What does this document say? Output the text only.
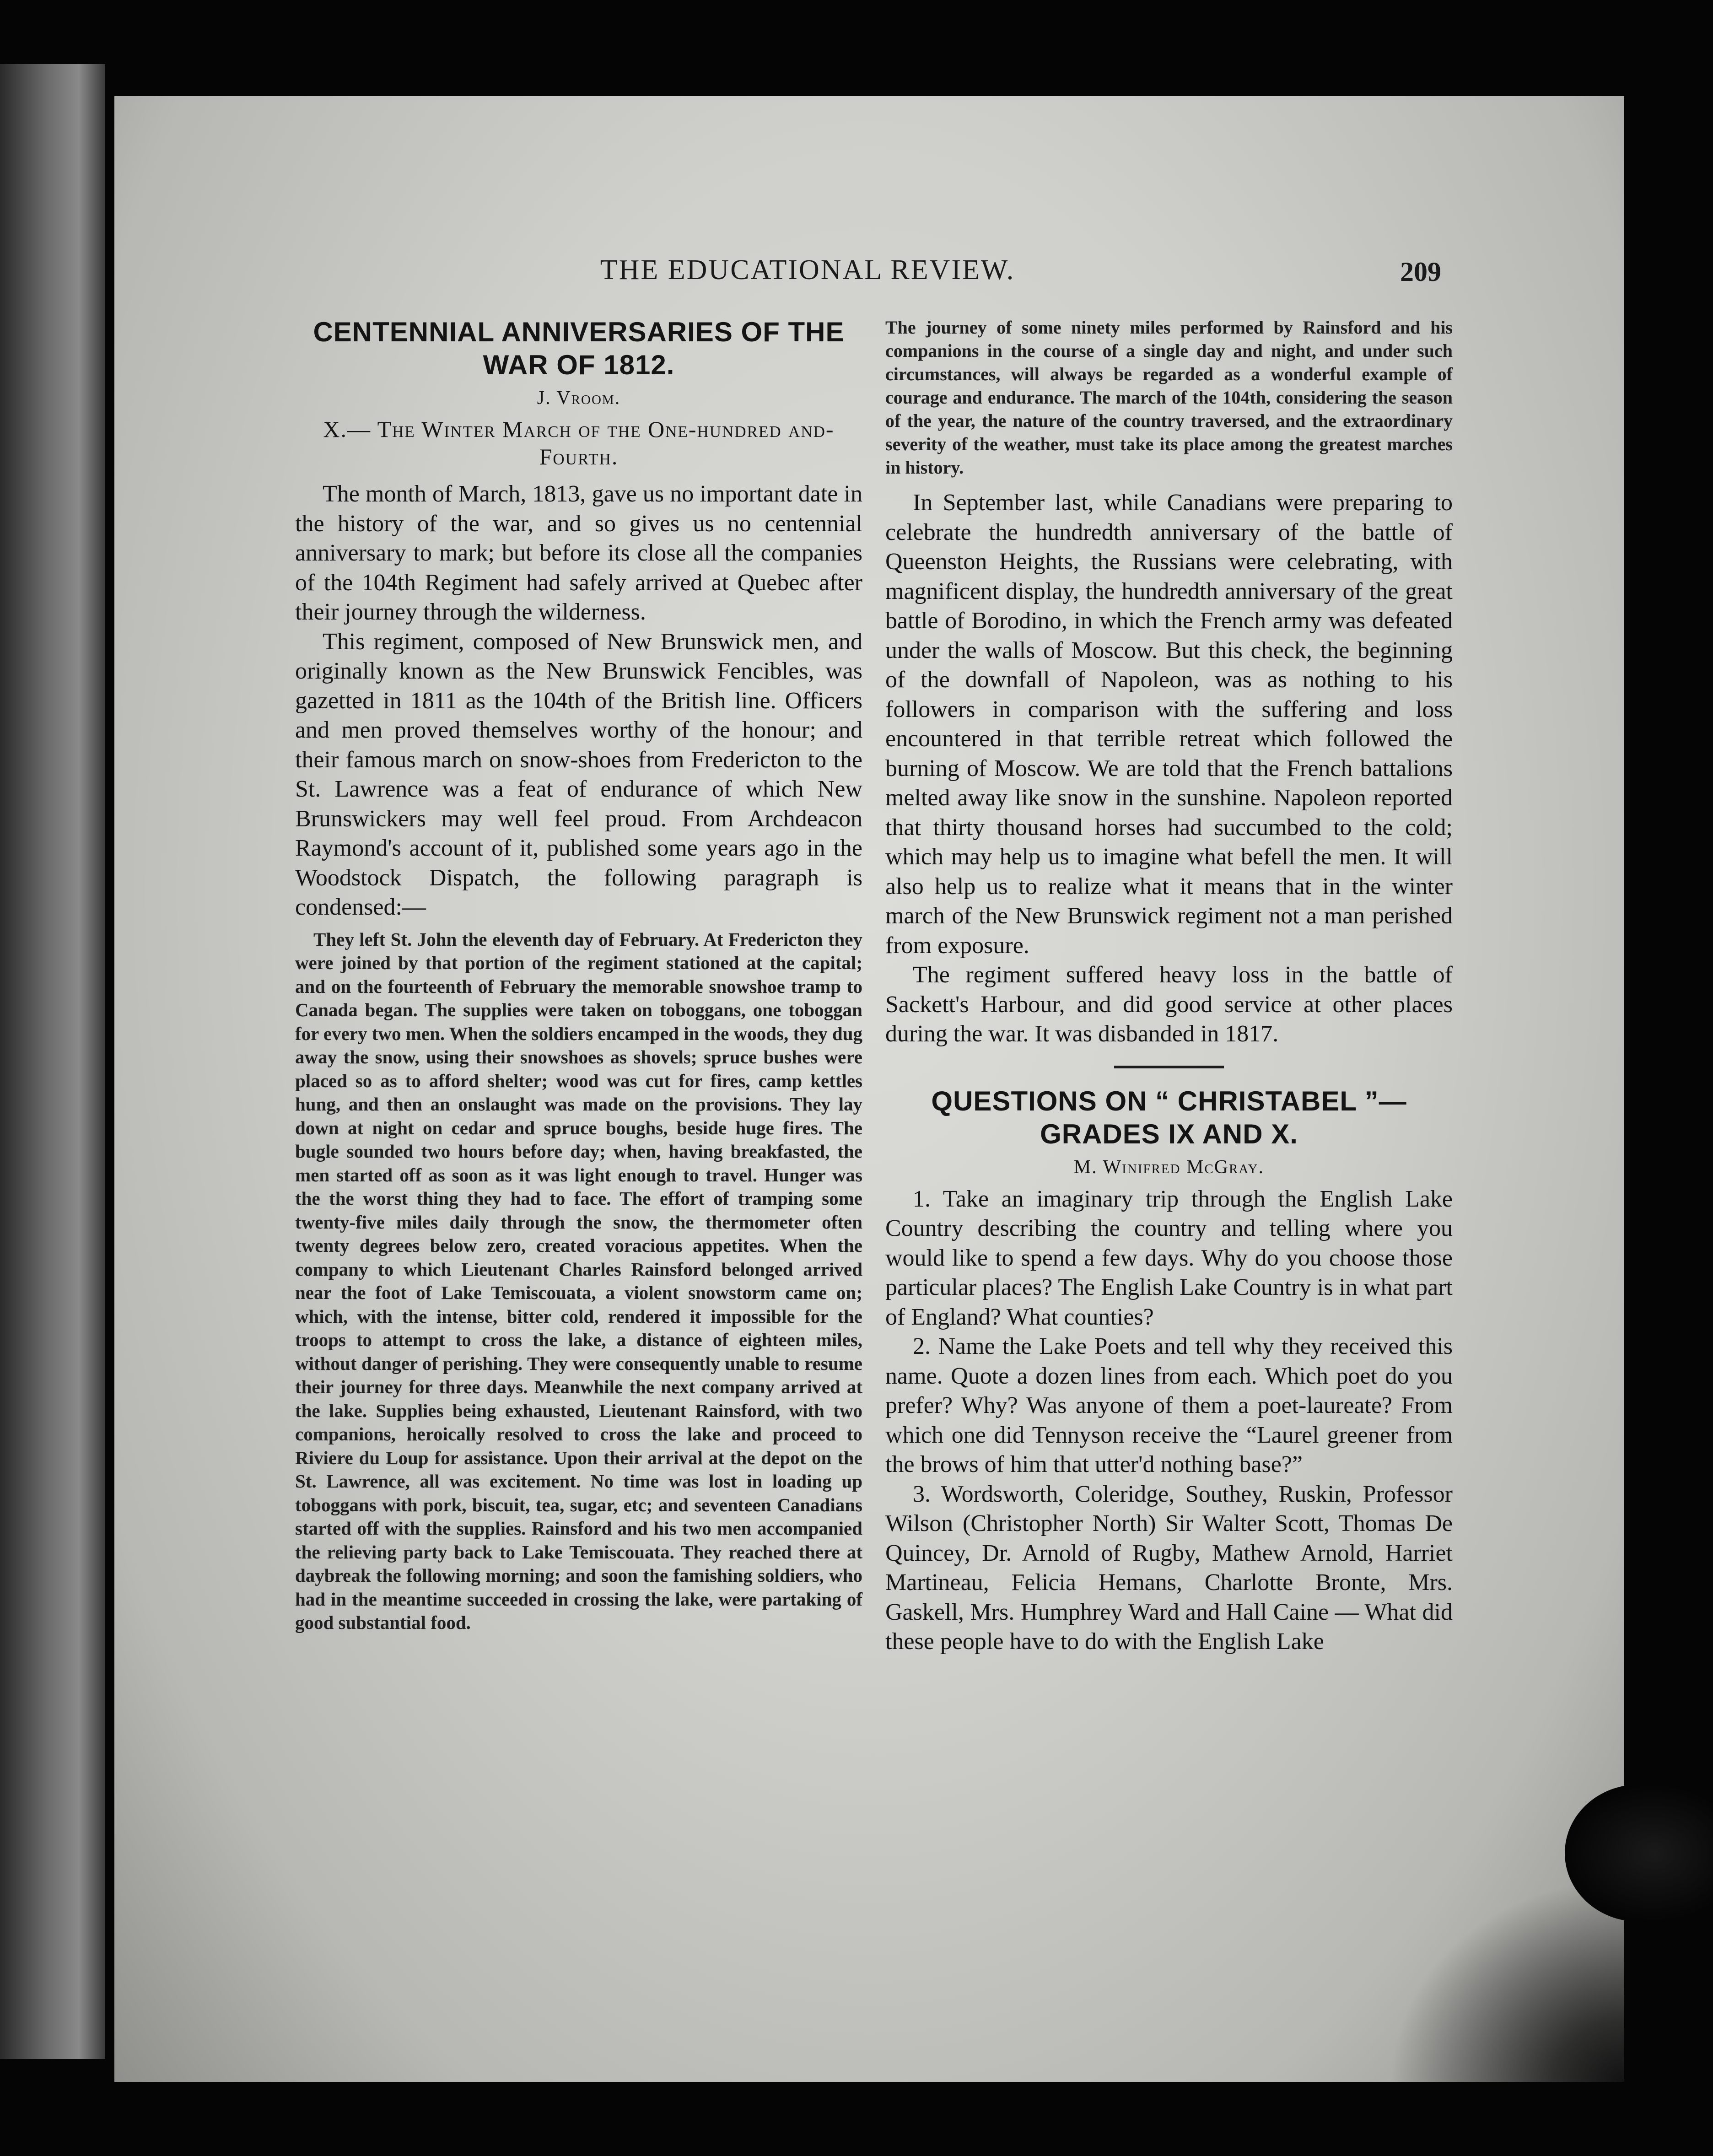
THE EDUCATIONAL REVIEW.	209
CENTENNIAL ANNIVERSARIES OF THE WAR OF 1812.
J. Vroom.
X.— The Winter March of the One-hundred and-Fourth.

The month of March, 1813, gave us no important date in the history of the war, and so gives us no centennial anniversary to mark; but before its close all the companies of the 104th Regiment had safely arrived at Quebec after their journey through the wilderness.

This regiment, composed of New Brunswick men, and originally known as the New Brunswick Fencibles, was gazetted in 1811 as the 104th of the British line. Officers and men proved themselves worthy of the honour; and their famous march on snow-shoes from Fredericton to the St. Lawrence was a feat of endurance of which New Brunswickers may well feel proud. From Archdeacon Raymond's account of it, published some years ago in the Woodstock Dispatch, the following paragraph is condensed:—

They left St. John the eleventh day of February. At Fredericton they were joined by that portion of the regiment stationed at the capital; and on the fourteenth of February the memorable snowshoe tramp to Canada began. The supplies were taken on toboggans, one toboggan for every two men. When the soldiers encamped in the woods, they dug away the snow, using their snowshoes as shovels; spruce bushes were placed so as to afford shelter; wood was cut for fires, camp kettles hung, and then an onslaught was made on the provisions. They lay down at night on cedar and spruce boughs, beside huge fires. The bugle sounded two hours before day; when, having breakfasted, the men started off as soon as it was light enough to travel. Hunger was the the worst thing they had to face. The effort of tramping some twenty-five miles daily through the snow, the thermometer often twenty degrees below zero, created voracious appetites. When the company to which Lieutenant Charles Rainsford belonged arrived near the foot of Lake Temiscouata, a violent snowstorm came on; which, with the intense, bitter cold, rendered it impossible for the troops to attempt to cross the lake, a distance of eighteen miles, without danger of perishing. They were consequently unable to resume their journey for three days. Meanwhile the next company arrived at the lake. Supplies being exhausted, Lieutenant Rainsford, with two companions, heroically resolved to cross the lake and proceed to Riviere du Loup for assistance. Upon their arrival at the depot on the St. Lawrence, all was excitement. No time was lost in loading up toboggans with pork, biscuit, tea, sugar, etc; and seventeen Canadians started off with the supplies. Rainsford and his two men accompanied the relieving party back to Lake Temiscouata. They reached there at daybreak the following morning; and soon the famishing soldiers, who had in the meantime succeeded in crossing the lake, were partaking of good substantial food.

The journey of some ninety miles performed by Rainsford and his companions in the course of a single day and night, and under such circumstances, will always be regarded as a wonderful example of courage and endurance. The march of the 104th, considering the season of the year, the nature of the country traversed, and the extraordinary severity of the weather, must take its place among the greatest marches in history.

In September last, while Canadians were preparing to celebrate the hundredth anniversary of the battle of Queenston Heights, the Russians were celebrating, with magnificent display, the hundredth anniversary of the great battle of Borodino, in which the French army was defeated under the walls of Moscow. But this check, the beginning of the downfall of Napoleon, was as nothing to his followers in comparison with the suffering and loss encountered in that terrible retreat which followed the burning of Moscow. We are told that the French battalions melted away like snow in the sunshine. Napoleon reported that thirty thousand horses had succumbed to the cold; which may help us to imagine what befell the men. It will also help us to realize what it means that in the winter march of the New Brunswick regiment not a man perished from exposure.

The regiment suffered heavy loss in the battle of Sackett's Harbour, and did good service at other places during the war. It was disbanded in 1817.

QUESTIONS ON “ CHRISTABEL ”— GRADES IX AND X.
M. Winifred McGray.

1. Take an imaginary trip through the English Lake Country describing the country and telling where you would like to spend a few days. Why do you choose those particular places? The English Lake Country is in what part of England? What counties?

2. Name the Lake Poets and tell why they received this name. Quote a dozen lines from each. Which poet do you prefer? Why? Was anyone of them a poet-laureate? From which one did Tennyson receive the “Laurel greener from the brows of him that utter'd nothing base?”

3. Wordsworth, Coleridge, Southey, Ruskin, Professor Wilson (Christopher North) Sir Walter Scott, Thomas De Quincey, Dr. Arnold of Rugby, Mathew Arnold, Harriet Martineau, Felicia Hemans, Charlotte Bronte, Mrs. Gaskell, Mrs. Humphrey Ward and Hall Caine — What did these people have to do with the English Lake
